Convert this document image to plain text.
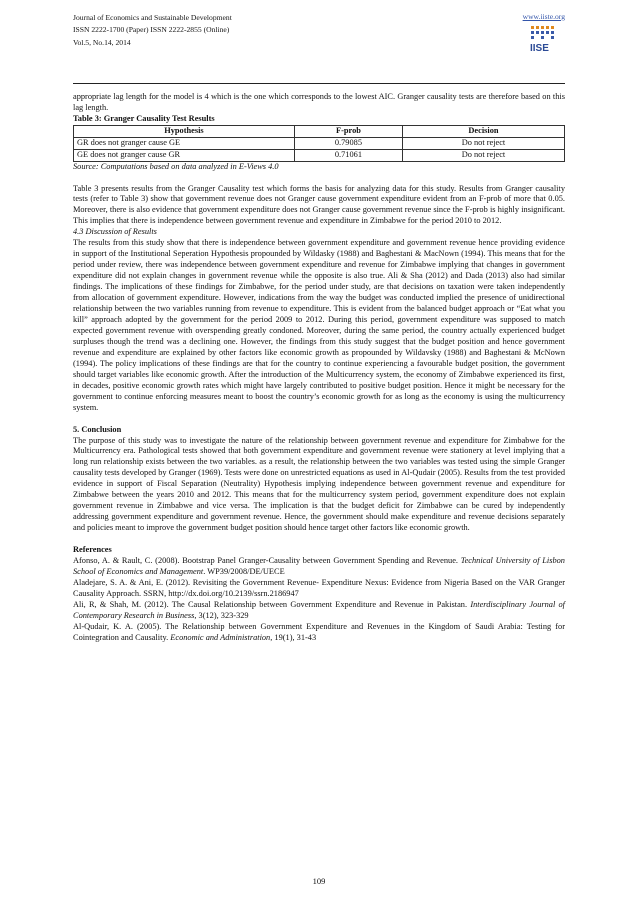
Journal of Economics and Sustainable Development
ISSN 2222-1700 (Paper) ISSN 2222-2855 (Online)
Vol.5, No.14, 2014
www.iiste.org
IISE

appropriate lag length for the model is 4 which is the one which corresponds to the lowest AIC. Granger causality tests are therefore based on this lag length.

Table 3: Granger Causality Test Results
Hypothesis	F-prob	Decision
GR does not granger cause GE	0.79085	Do not reject
GE does not granger cause GR	0.71061	Do not reject
Source: Computations based on data analyzed in E-Views 4.0

Table 3 presents results from the Granger Causality test which forms the basis for analyzing data for this study. Results from Granger causality tests (refer to Table 3) show that government revenue does not Granger cause government expenditure evident from an F-prob of more that 0.05. Moreover, there is also evidence that government expenditure does not Granger cause government revenue since the F-prob is highly insignificant. This implies that there is independence between government revenue and expenditure in Zimbabwe for the period 2010 to 2012.

4.3 Discussion of Results

The results from this study show that there is independence between government expenditure and government revenue hence providing evidence in support of the Institutional Seperation Hypothesis propounded by Wildasky (1988) and Baghestani & MacNown (1994). This means that for the period under review, there was independence between government expenditure and revenue for Zimbabwe implying that changes in government expenditure did not explain changes in government revenue while the opposite is also true. Ali & Sha (2012) and Dada (2013) also had similar findings. The implications of these findings for Zimbabwe, for the period under study, are that decisions on taxation were taken independently from allocation of government expenditure. However, indications from the way the budget was conducted implied the presence of unidirectional relationship between the two variables running from revenue to expenditure. This is evident from the balanced budget approach or “Eat what you kill” approach adopted by the government for the period 2009 to 2012. During this period, government expenditure was supposed to match expected government revenue with overspending greatly condoned. Moreover, during the same period, the country actually experienced budget surpluses though the trend was a declining one. However, the findings from this study suggest that the budget position and hence government revenue and expenditure are explained by other factors like economic growth as propounded by Wildavsky (1988) and Baghestani & McNown (1994). The policy implications of these findings are that for the country to continue experiencing a favourable budget position, the government should target variables like economic growth. After the introduction of the Multicurrency system, the economy of Zimbabwe experienced its first, in decades, positive economic growth rates which might have largely contributed to positive budget position. Hence it might be necessary for the government to continue enforcing measures meant to boost the country’s economic growth for as long as the economy is using the multicurrency system.

5. Conclusion

The purpose of this study was to investigate the nature of the relationship between government revenue and expenditure for Zimbabwe for the Multicurrency era. Pathological tests showed that both government expenditure and government revenue were stationery at level implying that a long run relationship exists between the two variables. as a result, the relationship between the two variables was tested using the simple Granger causality tests developed by Granger (1969). Tests were done on unrestricted equations as used in Al-Qudair (2005). Results from the test provided evidence in support of Fiscal Separation (Neutrality) Hypothesis implying independence between government revenue and expenditure for Zimbabwe between the years 2010 and 2012. This means that for the multicurrency system period, government expenditure does not explain government revenue in Zimbabwe and vice versa. The implication is that the budget deficit for Zimbabwe can be cured by independently addressing government expenditure and government revenue. Hence, the government should make expenditure and revenue decisions separately and policies meant to improve the government budget position should hence target other factors like economic growth.

References

Afonso, A. & Rault, C. (2008). Bootstrap Panel Granger-Causality between Government Spending and Revenue. Technical University of Lisbon School of Economics and Management. WP39/2008/DE/UECE

Aladejare, S. A. & Ani, E. (2012). Revisiting the Government Revenue- Expenditure Nexus: Evidence from Nigeria Based on the VAR Granger Causality Approach. SSRN, http://dx.doi.org/10.2139/ssrn.2186947

Ali, R, & Shah, M. (2012). The Causal Relationship between Government Expenditure and Revenue in Pakistan. Interdisciplinary Journal of Contemporary Research in Business, 3(12), 323-329

Al-Qudair, K. A. (2005). The Relationship between Government Expenditure and Revenues in the Kingdom of Saudi Arabia: Testing for Cointegration and Causality. Economic and Administration, 19(1), 31-43

109
